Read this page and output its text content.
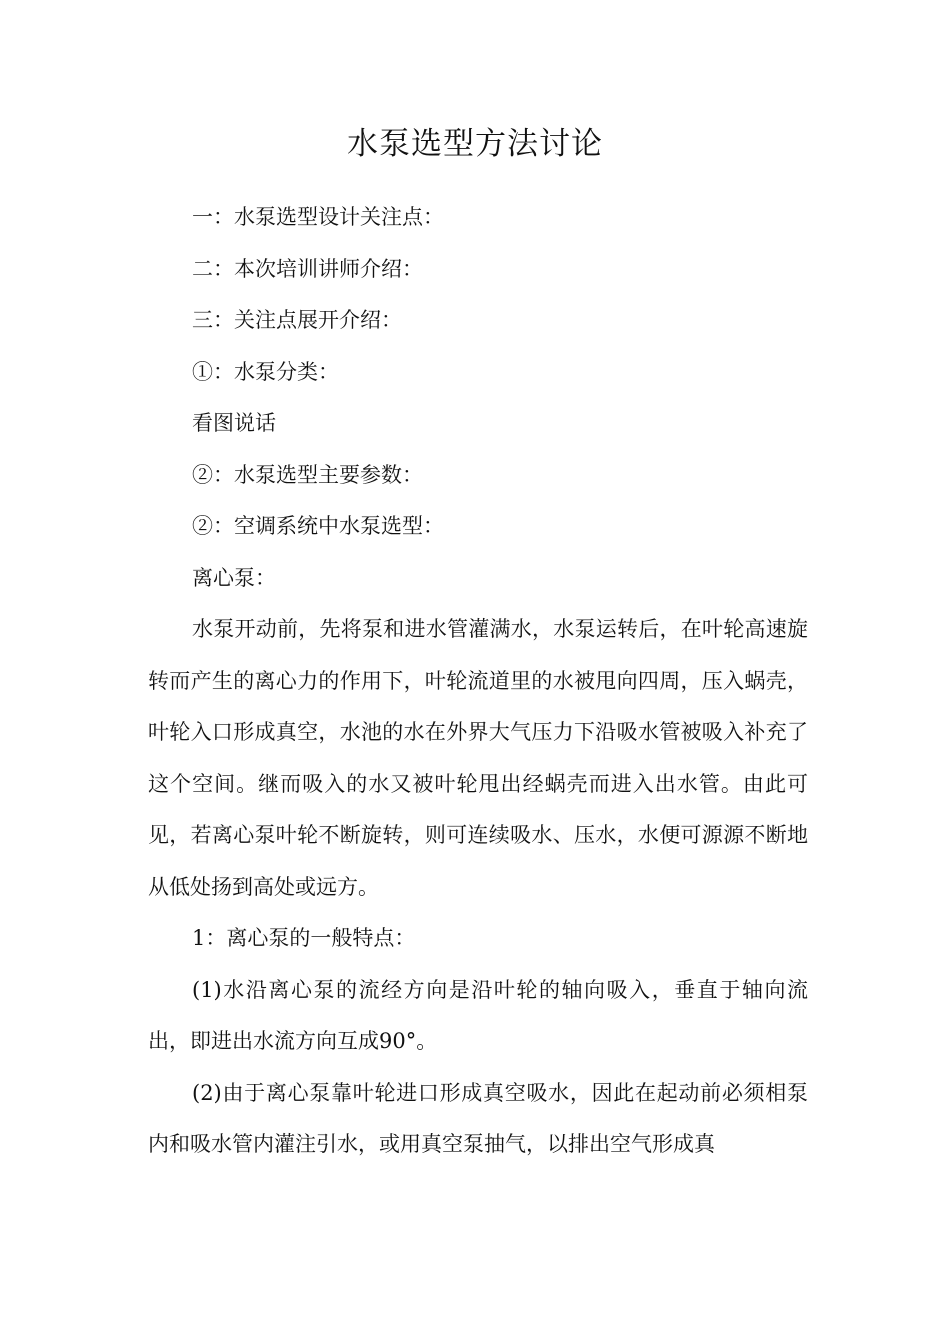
水泵选型方法讨论

一：水泵选型设计关注点：

二：本次培训讲师介绍：

三：关注点展开介绍：

①：水泵分类：

看图说话

②：水泵选型主要参数：

②：空调系统中水泵选型：

离心泵：

水泵开动前，先将泵和进水管灌满水，水泵运转后，在叶轮高速旋转而产生的离心力的作用下，叶轮流道里的水被甩向四周，压入蜗壳，叶轮入口形成真空，水池的水在外界大气压力下沿吸水管被吸入补充了这个空间。继而吸入的水又被叶轮甩出经蜗壳而进入出水管。由此可见，若离心泵叶轮不断旋转，则可连续吸水、压水，水便可源源不断地从低处扬到高处或远方。

1：离心泵的一般特点：

(1)水沿离心泵的流经方向是沿叶轮的轴向吸入，垂直于轴向流出，即进出水流方向互成90°。

(2)由于离心泵靠叶轮进口形成真空吸水，因此在起动前必须相泵内和吸水管内灌注引水，或用真空泵抽气，以排出空气形成真
